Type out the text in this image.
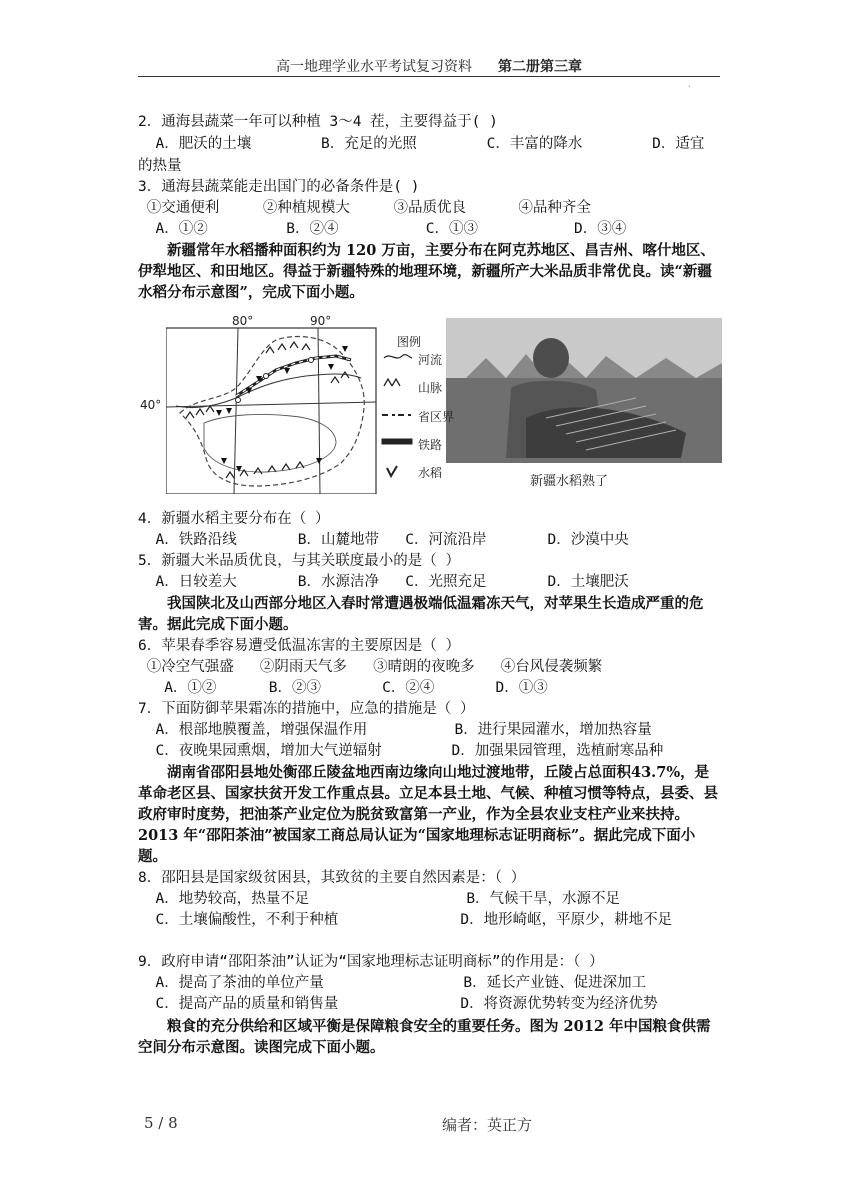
高一地理学业水平考试复习资料 第二册第三章
·
2．通海县蔬菜一年可以种植 3～4 茬，主要得益于( )
A．肥沃的土壤        B．充足的光照        C．丰富的降水        D．适宜
的热量
3．通海县蔬菜能走出国门的必备条件是( )
①交通便利     ②种植规模大     ③品质优良      ④品种齐全
A．①②         B．②④          C．①③           D．③④
新疆常年水稻播种面积约为 120 万亩，主要分布在阿克苏地区、昌吉州、喀什地区、伊犁地区、和田地区。得益于新疆特殊的地理环境，新疆所产大米品质非常优良。读“新疆水稻分布示意图”，完成下面小题。
图例
河流
山脉
省区界
铁路
水稻
80°	90°
40°
新疆水稻熟了
4．新疆水稻主要分布在（ ）
A．铁路沿线       B．山麓地带   C．河流沿岸       D．沙漠中央
5．新疆大米品质优良，与其关联度最小的是（ ）
A．日较差大       B．水源洁净   C．光照充足       D．土壤肥沃
我国陕北及山西部分地区入春时常遭遇极端低温霜冻天气，对苹果生长造成严重的危害。据此完成下面小题。
6．苹果春季容易遭受低温冻害的主要原因是（ ）
①冷空气强盛   ②阴雨天气多   ③晴朗的夜晚多   ④台风侵袭频繁
A．①②      B．②③       C．②④       D．①③
7．下面防御苹果霜冻的措施中，应急的措施是（ ）
A．根部地膜覆盖，增强保温作用          B．进行果园灌水，增加热容量
C．夜晚果园熏烟，增加大气逆辐射        D．加强果园管理，选植耐寒品种
湖南省邵阳县地处衡邵丘陵盆地西南边缘向山地过渡地带，丘陵占总面积43.7%，是革命老区县、国家扶贫开发工作重点县。立足本县土地、气候、种植习惯等特点，县委、县政府审时度势，把油茶产业定位为脱贫致富第一产业，作为全县农业支柱产业来扶持。2013 年“邵阳茶油”被国家工商总局认证为“国家地理标志证明商标”。据此完成下面小题。
8．邵阳县是国家级贫困县，其致贫的主要自然因素是：（ ）
A．地势较高，热量不足                  B．气候干旱，水源不足
C．土壤偏酸性，不利于种植              D．地形崎岖，平原少，耕地不足
9．政府申请“邵阳茶油”认证为“国家地理标志证明商标”的作用是：（ ）
A．提高了茶油的单位产量                B．延长产业链、促进深加工
C．提高产品的质量和销售量              D．将资源优势转变为经济优势
粮食的充分供给和区域平衡是保障粮食安全的重要任务。图为 2012 年中国粮食供需空间分布示意图。读图完成下面小题。
5 / 8	编者：英正方
